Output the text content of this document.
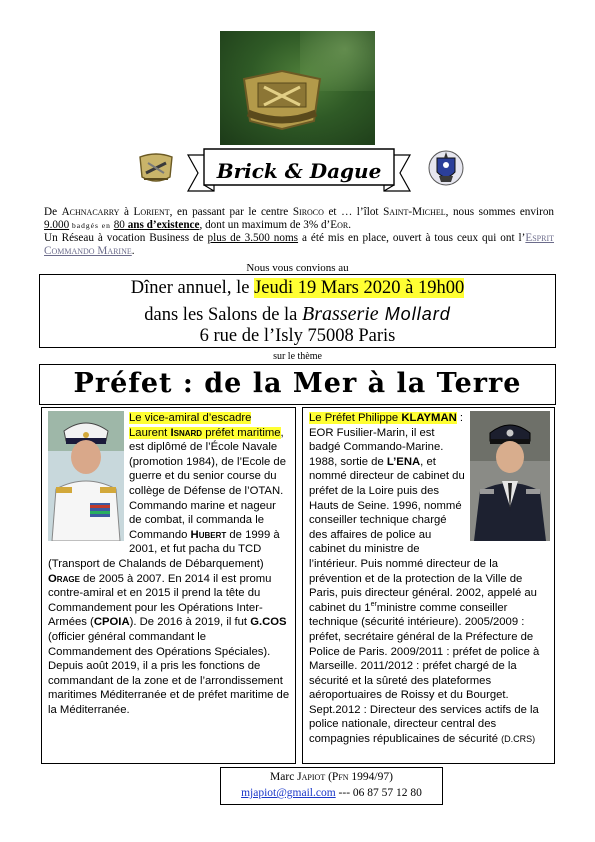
Brick & Dague
De Achnacarry à Lorient, en passant par le centre Siroco et … l’îlot Saint-Michel, nous sommes environ 9.000 badgés en 80 ans d’existence, dont un maximum de 3% d’Eor.
Un Réseau à vocation Business de plus de 3.500 noms a été mis en place, ouvert à tous ceux qui ont l’Esprit Commando Marine.
Nous vous convions au
Dîner annuel, le Jeudi 19 Mars 2020 à 19h00
dans les Salons de la Brasserie Mollard
6 rue de l’Isly 75008 Paris
sur le thème
Préfet : de la Mer à la Terre
Le vice-amiral d’escadre Laurent Isnard préfet maritime, est diplômé de l’École Navale (promotion 1984), de l’Ecole de guerre et du senior course du collège de Défense de l’OTAN.
Commando marine et nageur de combat, il commanda le Commando Hubert de 1999 à 2001, et fut pacha du TCD (Transport de Chalands de Débarquement) Orage de 2005 à 2007. En 2014 il est promu contre-amiral et en 2015 il prend la tête du Commandement pour les Opérations Inter-Armées (CPOIA). De 2016 à 2019, il fut G.COS (officier général commandant le Commandement des Opérations Spéciales).
Depuis août 2019, il a pris les fonctions de commandant de la zone et de l’arrondissement maritimes Méditerranée et de préfet maritime de la Méditerranée.
Le Préfet Philippe KLAYMAN :
EOR Fusilier-Marin, il est badgé Commando-Marine. 1988, sortie de L’ENA, et nommé directeur de cabinet du préfet de la Loire puis des Hauts de Seine. 1996, nommé conseiller technique chargé des affaires de police au cabinet du ministre de l’intérieur. Puis nommé directeur de la prévention et de la protection de la Ville de Paris, puis directeur général. 2002, appelé au cabinet du 1erministre comme conseiller technique (sécurité intérieure). 2005/2009 : préfet, secrétaire général de la Préfecture de Police de Paris. 2009/2011 : préfet de police à Marseille. 2011/2012 : préfet chargé de la sécurité et la sûreté des plateformes aéroportuaires de Roissy et du Bourget. Sept.2012 : Directeur des services actifs de la police nationale, directeur central des compagnies républicaines de sécurité (D.CRS)
Marc Japiot (Pfn 1994/97)
mjapiot@gmail.com --- 06 87 57 12 80
